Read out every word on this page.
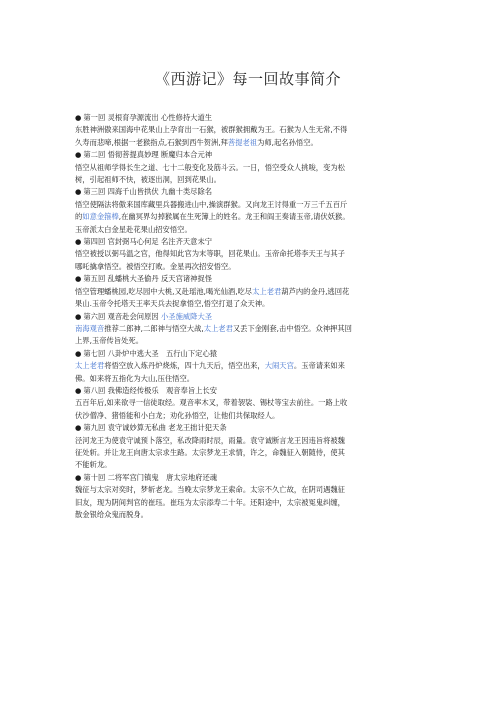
《西游记》每一回故事简介
● 第一回 灵根育孕源流出 心性修持大道生
东胜神洲傲来国海中花果山上孕育出一石猴，被群猴拥戴为王。石猴为人生无常,不得
久寿而悲啼,根据一老猴指点,石猴到西牛贺洲,拜菩提老祖为师,起名孙悟空。
● 第二回 悟彻菩提真妙理 断魔归本合元神
悟空从祖师学得长生之道、七十二般变化及筋斗云。一日，悟空受众人挑唆，变为松
树，引起祖师不快，被逐出洞，回到花果山。
● 第三回 四海千山皆拱伏 九幽十类尽除名
悟空使隔法将傲来国库藏里兵器搬进山中,操演群猴。又向龙王讨得重一万三千五百斤
的如意金箍棒,在幽冥界勾掉猴属在生死簿上的姓名。龙王和阎王奏请玉帝,请伏妖猴。
玉帝派太白金星赴花果山招安悟空。
● 第四回 官封弼马心何足 名注齐天意未宁
悟空被授以弼马温之官，他得知此官为末等职，回花果山。玉帝命托塔李天王与其子
哪吒擒拿悟空。被悟空打败。金星再次招安悟空。
● 第五回 乱蟠桃大圣偷丹 反天宫诸神捉怪
悟空管理蟠桃园,吃尽园中大桃,又赴瑶池,喝光仙酒,吃尽太上老君葫芦内的金丹,逃回花
果山.玉帝令托塔天王率天兵去捉拿悟空,悟空打退了众天神。
● 第六回 观音赴会问原因 小圣施威降大圣
南海观音推荐二郎神,二郎神与悟空大战,太上老君又丢下金刚套,击中悟空。众神押其回
上界,玉帝传旨处死。
● 第七回 八卦炉中逃大圣　五行山下定心猿
太上老君将悟空放入炼丹炉烧炼，四十九天后，悟空出来，大闹天宫。玉帝请来如来
佛。如来将五指化为大山,压住悟空。
● 第八回 我佛造经传极乐　观音奉旨上长安
五百年后,如来欲寻一信徒取经。观音率木叉，带着袈裟、锡杖等宝去前往。一路上收
伏沙僧净、猪悟能和小白龙；劝化孙悟空，让他们共保取经人。
● 第九回 袁守诚妙算无私曲 老龙王拙计犯天条
泾河龙王为使袁守诚预卜落空，私改降雨时辰，雨量。袁守诚断言龙王因违旨将被魏
征处斩。并让龙王向唐太宗求生路。太宗梦龙王求情，许之，命魏征入朝随侍，使其
不能斩龙。
● 第十回 二将军宫门镇鬼　唐太宗地府还魂
魏征与太宗对奕时，梦斩老龙。当晚太宗梦龙王索命。太宗不久亡故，在阴司遇魏征
旧友，现为阴间判官的崔珏。崔珏为太宗添寿二十年。还阳途中，太宗被冤鬼纠缠，
散金银给众鬼而脱身。
